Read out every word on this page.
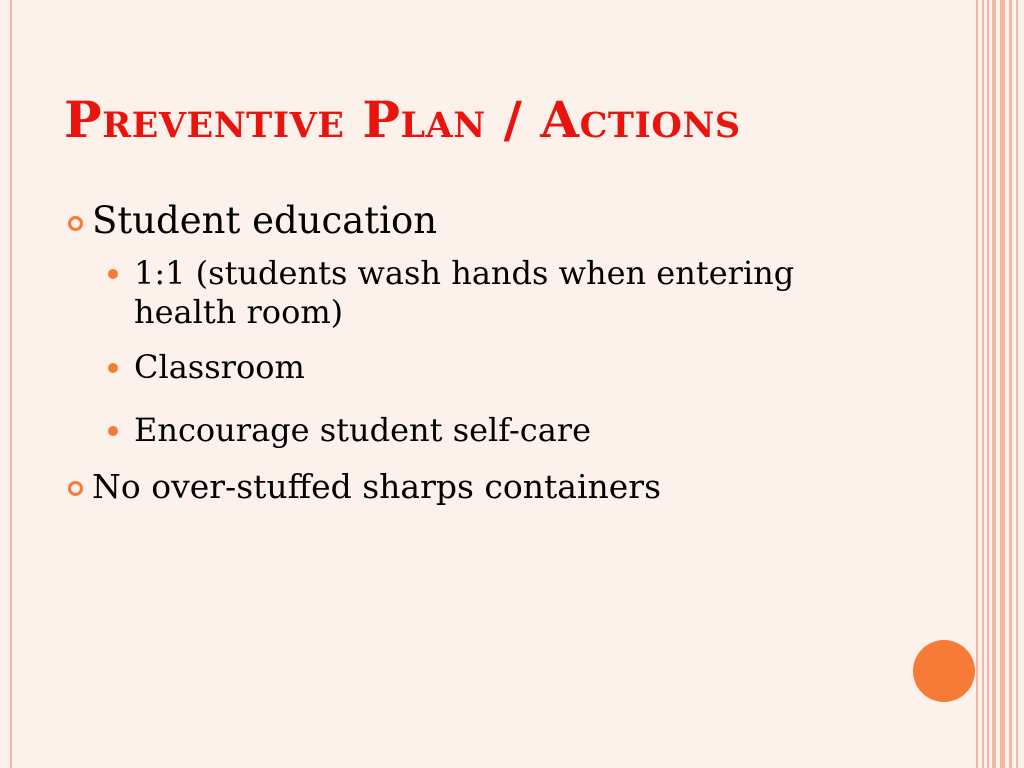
Preventive Plan / Actions
Student education
1:1 (students wash hands when entering health room)
Classroom
Encourage student self-care
No over-stuffed sharps containers
